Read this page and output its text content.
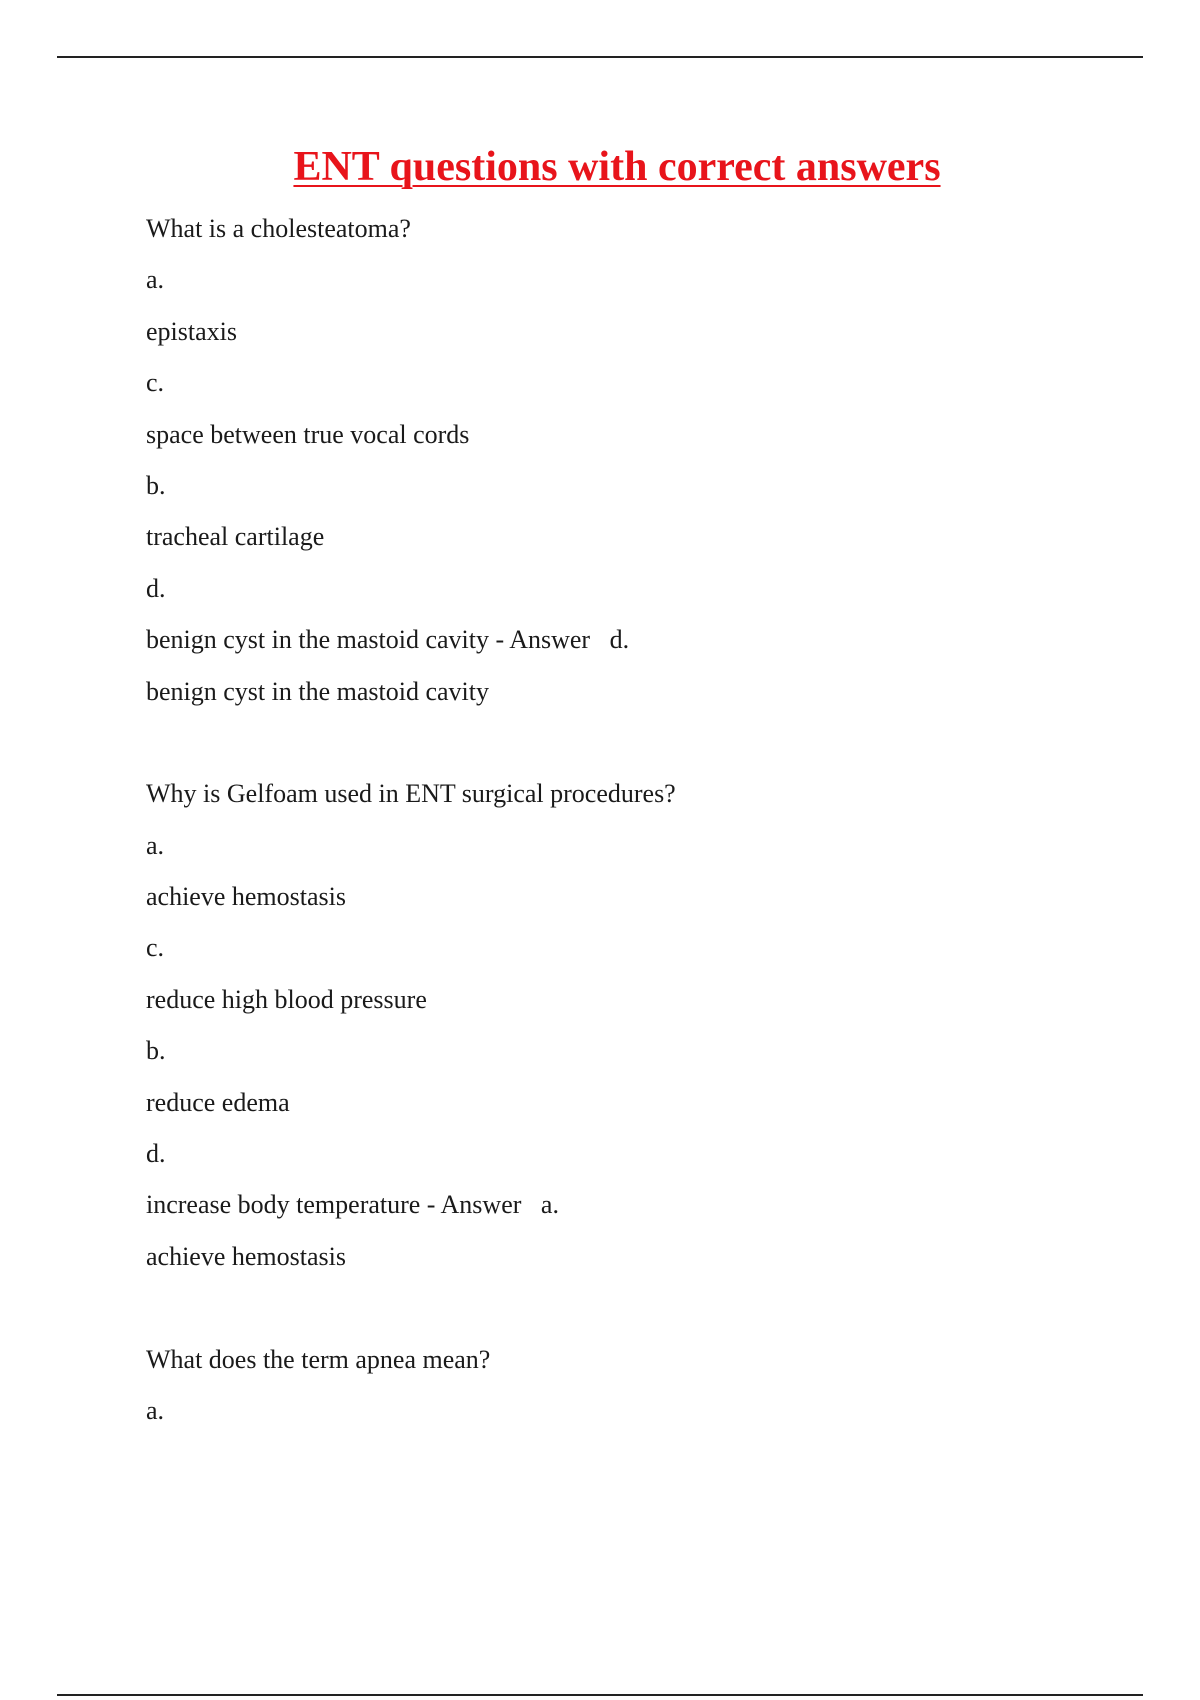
ENT questions with correct answers

What is a cholesteatoma?

a.

epistaxis

c.

space between true vocal cords

b.

tracheal cartilage

d.

benign cyst in the mastoid cavity - Answer   d.

benign cyst in the mastoid cavity

Why is Gelfoam used in ENT surgical procedures?

a.

achieve hemostasis

c.

reduce high blood pressure

b.

reduce edema

d.

increase body temperature - Answer   a.

achieve hemostasis

What does the term apnea mean?

a.
